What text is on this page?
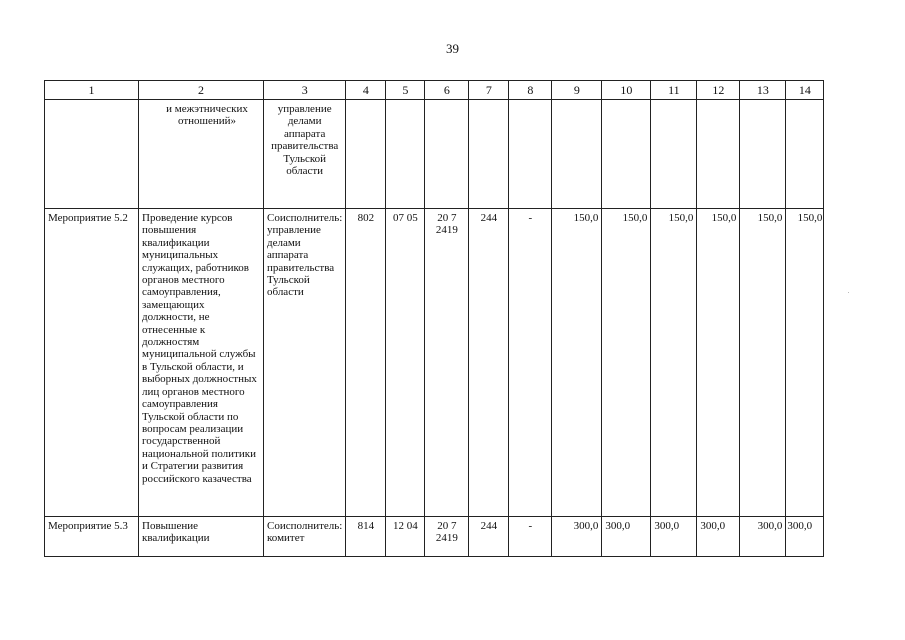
39
1	2	3	4	5	6	7	8	9	10	11	12	13	14
	и межэтнических отношений»	управление делами аппарата правительства Тульской области											
Мероприятие 5.2	Проведение курсов повышения квалификации муниципальных служащих, работников органов местного самоуправления, замещающих должности, не отнесенные к должностям муниципальной службы в Тульской области, и выборных должностных лиц органов местного самоуправления Тульской области по вопросам реализации государственной национальной политики и Стратегии развития российского казачества	Соисполнитель: управление делами аппарата правительства Тульской области	802	07 05	20 7 2419	244	-	150,0	150,0	150,0	150,0	150,0	150,0
Мероприятие 5.3	Повышение квалификации	Соисполнитель: комитет	814	12 04	20 7 2419	244	-	300,0	300,0	300,0	300,0	300,0	300,0
